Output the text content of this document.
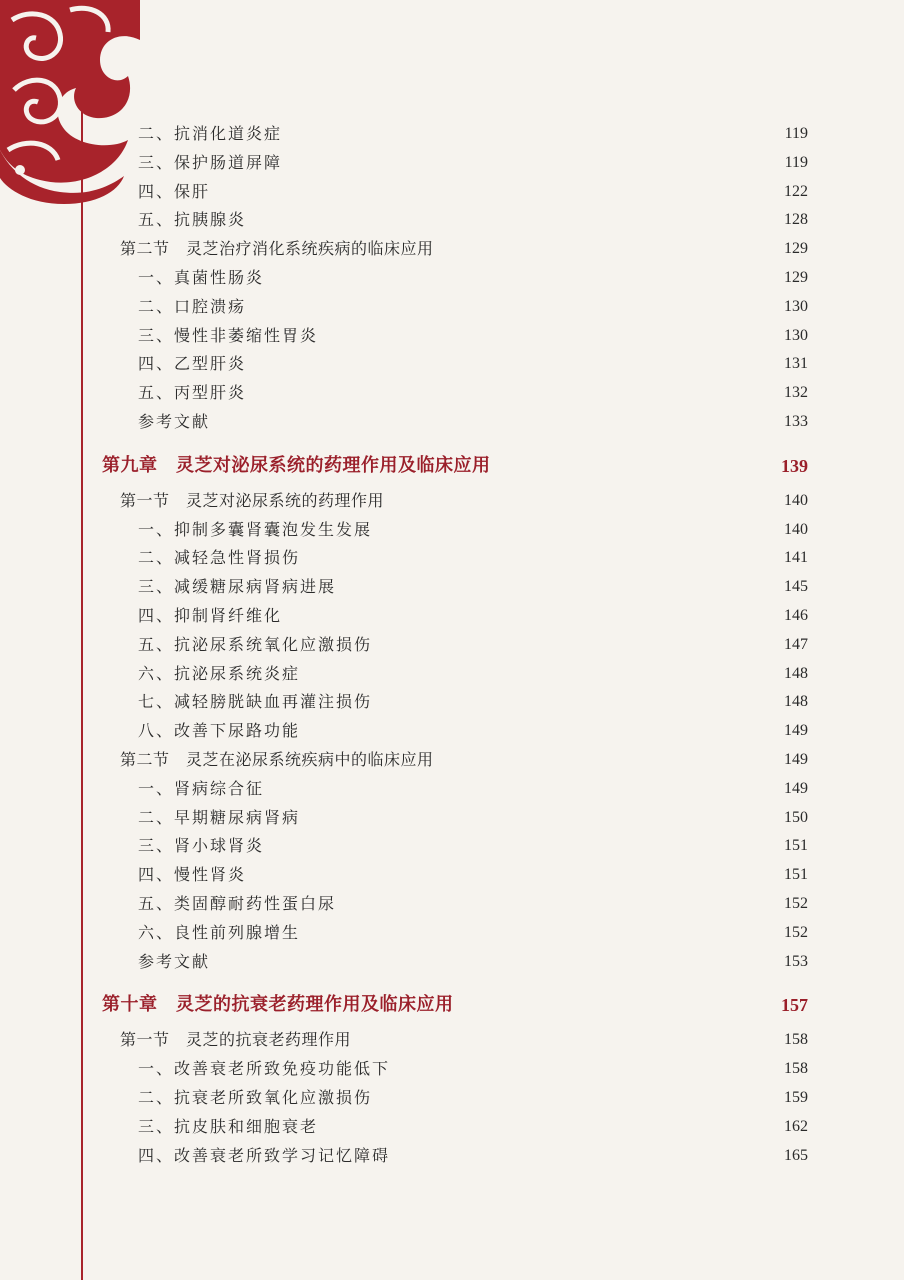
二、抗消化道炎症	119
三、保护肠道屏障	119
四、保肝	122
五、抗胰腺炎	128
第二节　灵芝治疗消化系统疾病的临床应用	129
一、真菌性肠炎	129
二、口腔溃疡	130
三、慢性非萎缩性胃炎	130
四、乙型肝炎	131
五、丙型肝炎	132
参考文献	133
第九章　灵芝对泌尿系统的药理作用及临床应用	139
第一节　灵芝对泌尿系统的药理作用	140
一、抑制多囊肾囊泡发生发展	140
二、减轻急性肾损伤	141
三、减缓糖尿病肾病进展	145
四、抑制肾纤维化	146
五、抗泌尿系统氧化应激损伤	147
六、抗泌尿系统炎症	148
七、减轻膀胱缺血再灌注损伤	148
八、改善下尿路功能	149
第二节　灵芝在泌尿系统疾病中的临床应用	149
一、肾病综合征	149
二、早期糖尿病肾病	150
三、肾小球肾炎	151
四、慢性肾炎	151
五、类固醇耐药性蛋白尿	152
六、良性前列腺增生	152
参考文献	153
第十章　灵芝的抗衰老药理作用及临床应用	157
第一节　灵芝的抗衰老药理作用	158
一、改善衰老所致免疫功能低下	158
二、抗衰老所致氧化应激损伤	159
三、抗皮肤和细胞衰老	162
四、改善衰老所致学习记忆障碍	165
